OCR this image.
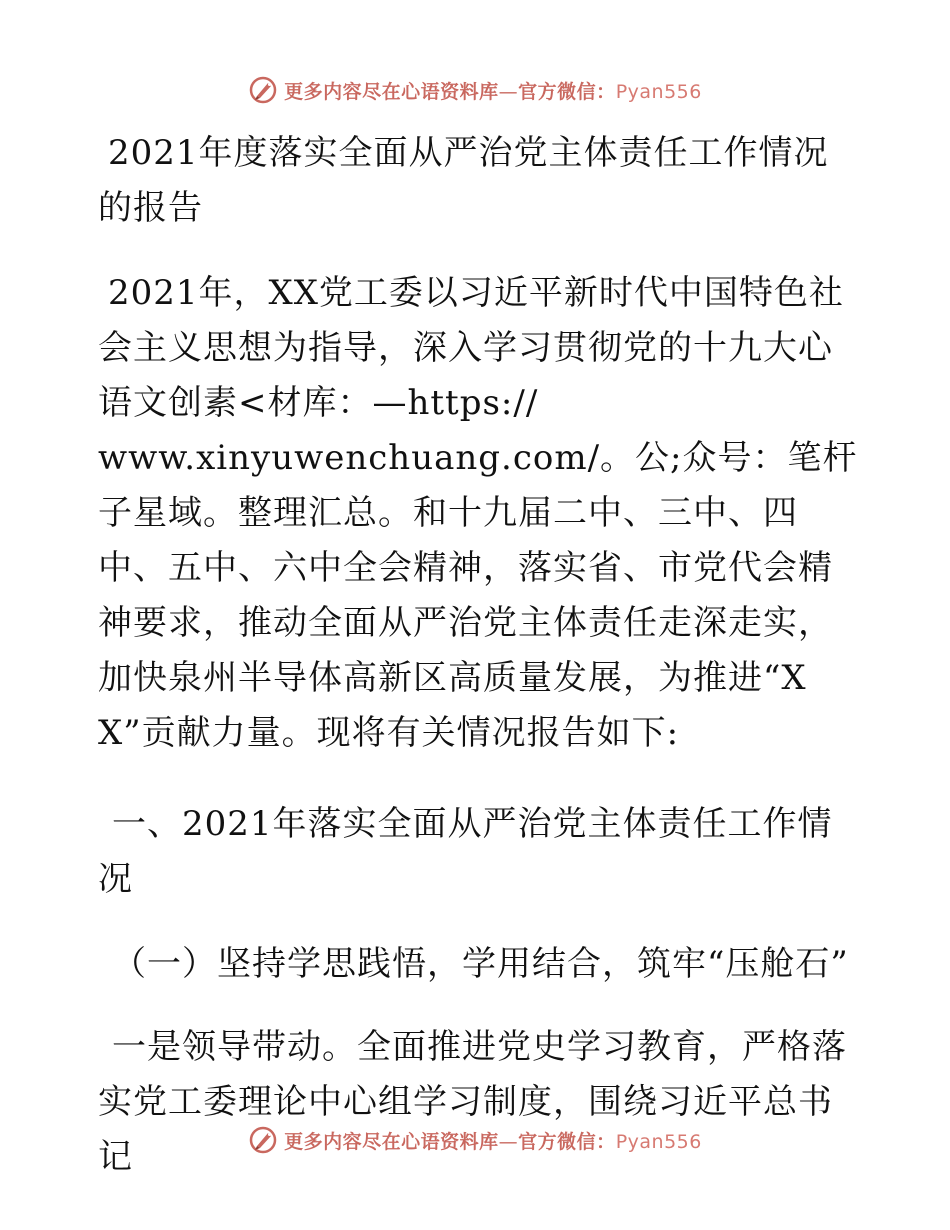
更多内容尽在心语资料库—官方微信：Pyan556

2021年度落实全面从严治党主体责任工作情况的报告

2021年，XX党工委以习近平新时代中国特色社会主义思想为指导，深入学习贯彻党的十九大心语文创素<材库：—https://
www.xinyuwenchuang.com/。公;众号：笔杆子星域。整理汇总。和十九届二中、三中、四中、五中、六中全会精神，落实省、市党代会精神要求，推动全面从严治党主体责任走深走实，加快泉州半导体高新区高质量发展，为推进“XX”贡献力量。现将有关情况报告如下:

一、2021年落实全面从严治党主体责任工作情况

（一）坚持学思践悟，学用结合，筑牢“压舱石”

一是领导带动。全面推进党史学习教育，严格落实党工委理论中心组学习制度，围绕习近平总书记	更多内容尽在心语资料库—官方微信：Pyan556
